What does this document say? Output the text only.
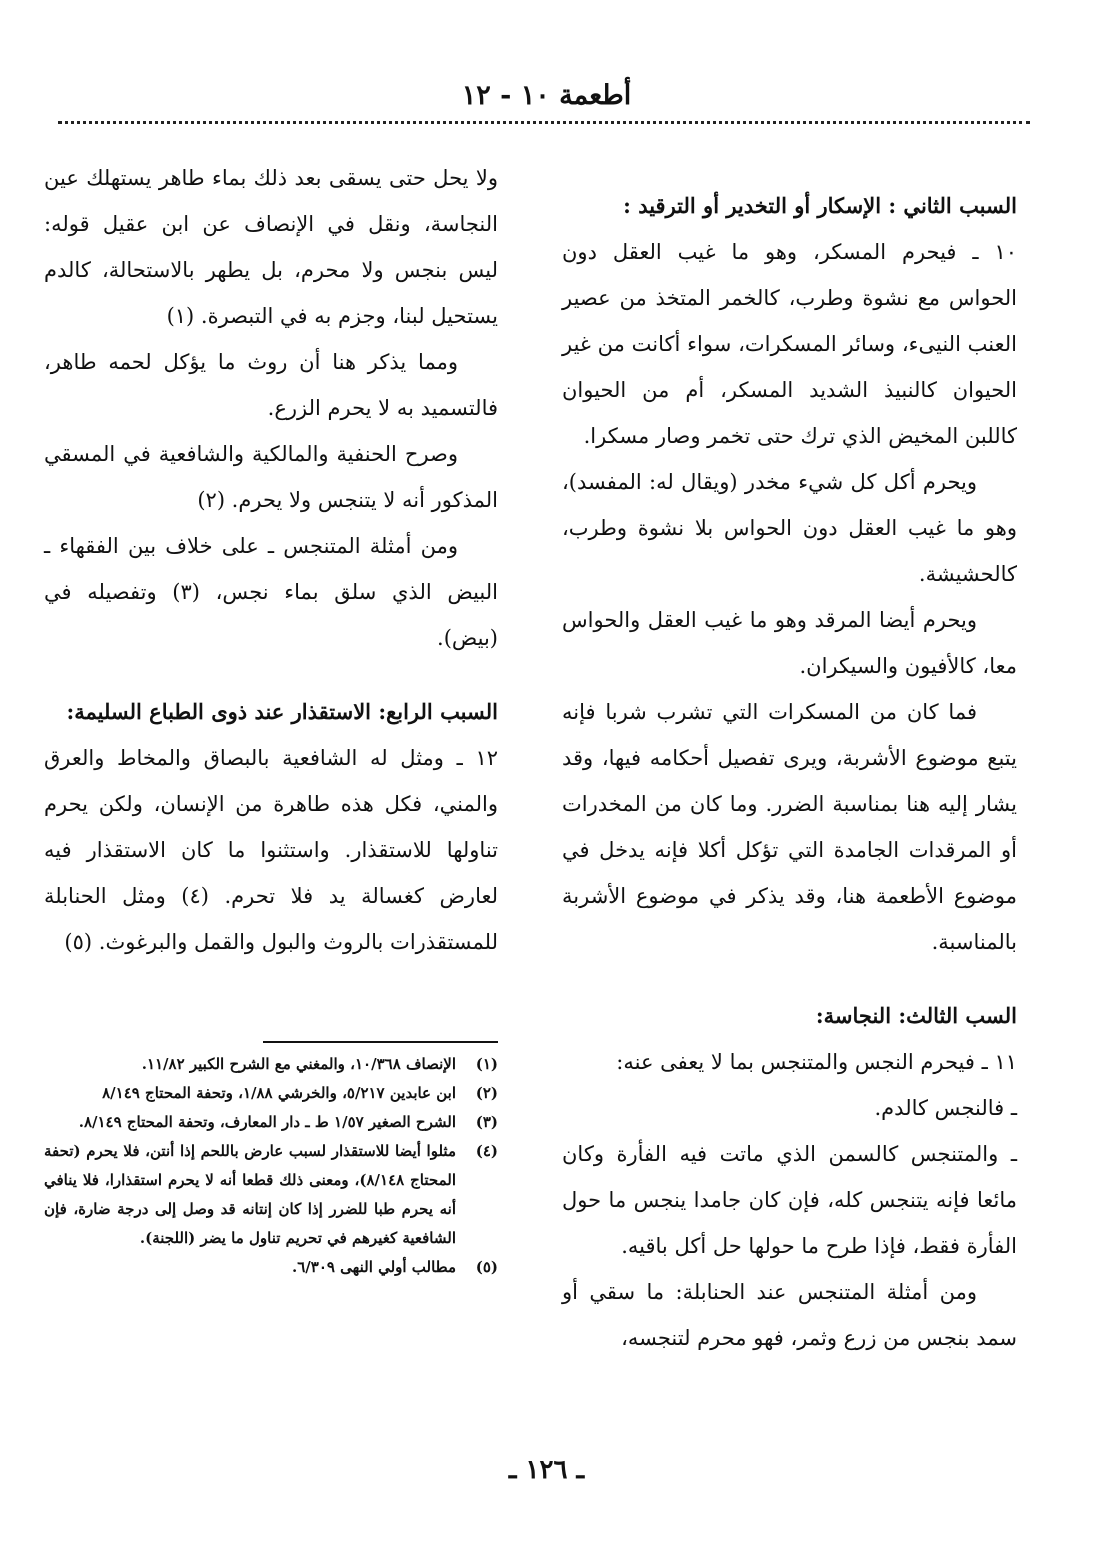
أطعمة ١٠ - ١٢

السبب الثاني : الإسكار أو التخدير أو الترقيد :

١٠ ـ فيحرم المسكر، وهو ما غيب العقل دون الحواس مع نشوة وطرب، كالخمر المتخذ من عصير العنب النيىء، وسائر المسكرات، سواء أكانت من غير الحيوان كالنبيذ الشديد المسكر، أم من الحيوان كاللبن المخيض الذي ترك حتى تخمر وصار مسكرا.

ويحرم أكل كل شيء مخدر (ويقال له: المفسد)، وهو ما غيب العقل دون الحواس بلا نشوة وطرب، كالحشيشة.

ويحرم أيضا المرقد وهو ما غيب العقل والحواس معا، كالأفيون والسيكران.

فما كان من المسكرات التي تشرب شربا فإنه يتبع موضوع الأشربة، ويرى تفصيل أحكامه فيها، وقد يشار إليه هنا بمناسبة الضرر. وما كان من المخدرات أو المرقدات الجامدة التي تؤكل أكلا فإنه يدخل في موضوع الأطعمة هنا، وقد يذكر في موضوع الأشربة بالمناسبة.

السب الثالث: النجاسة:

١١ ـ فيحرم النجس والمتنجس بما لا يعفى عنه:

ـ فالنجس كالدم.

ـ والمتنجس كالسمن الذي ماتت فيه الفأرة وكان مائعا فإنه يتنجس كله، فإن كان جامدا ينجس ما حول الفأرة فقط، فإذا طرح ما حولها حل أكل باقيه.

ومن أمثلة المتنجس عند الحنابلة: ما سقي أو سمد بنجس من زرع وثمر، فهو محرم لتنجسه،

ولا يحل حتى يسقى بعد ذلك بماء طاهر يستهلك عين النجاسة، ونقل في الإنصاف عن ابن عقيل قوله: ليس بنجس ولا محرم، بل يطهر بالاستحالة، كالدم يستحيل لبنا، وجزم به في التبصرة. (١)

ومما يذكر هنا أن روث ما يؤكل لحمه طاهر، فالتسميد به لا يحرم الزرع.

وصرح الحنفية والمالكية والشافعية في المسقي المذكور أنه لا يتنجس ولا يحرم. (٢)

ومن أمثلة المتنجس ـ على خلاف بين الفقهاء ـ البيض الذي سلق بماء نجس، (٣) وتفصيله في (بيض).

السبب الرابع: الاستقذار عند ذوى الطباع السليمة:

١٢ ـ ومثل له الشافعية بالبصاق والمخاط والعرق والمني، فكل هذه طاهرة من الإنسان، ولكن يحرم تناولها للاستقذار. واستثنوا ما كان الاستقذار فيه لعارض كغسالة يد فلا تحرم. (٤) ومثل الحنابلة للمستقذرات بالروث والبول والقمل والبرغوث. (٥)

(١)
الإنصاف ١٠/٣٦٨، والمغني مع الشرح الكبير ١١/٨٢.
(٢)
ابن عابدين ٥/٢١٧، والخرشي ١/٨٨، وتحفة المحتاج ٨/١٤٩
(٣)
الشرح الصغير ١/٥٧ ط ـ دار المعارف، وتحفة المحتاج ٨/١٤٩.
(٤)
مثلوا أيضا للاستقذار لسبب عارض باللحم إذا أنتن، فلا يحرم (تحفة المحتاج ٨/١٤٨)، ومعنى ذلك قطعا أنه لا يحرم استقذارا، فلا ينافي أنه يحرم طبا للضرر إذا كان إنتانه قد وصل إلى درجة ضارة، فإن الشافعية كغيرهم في تحريم تناول ما يضر (اللجنة).
(٥)
مطالب أولي النهى ٦/٣٠٩.
ـ ١٢٦ ـ
